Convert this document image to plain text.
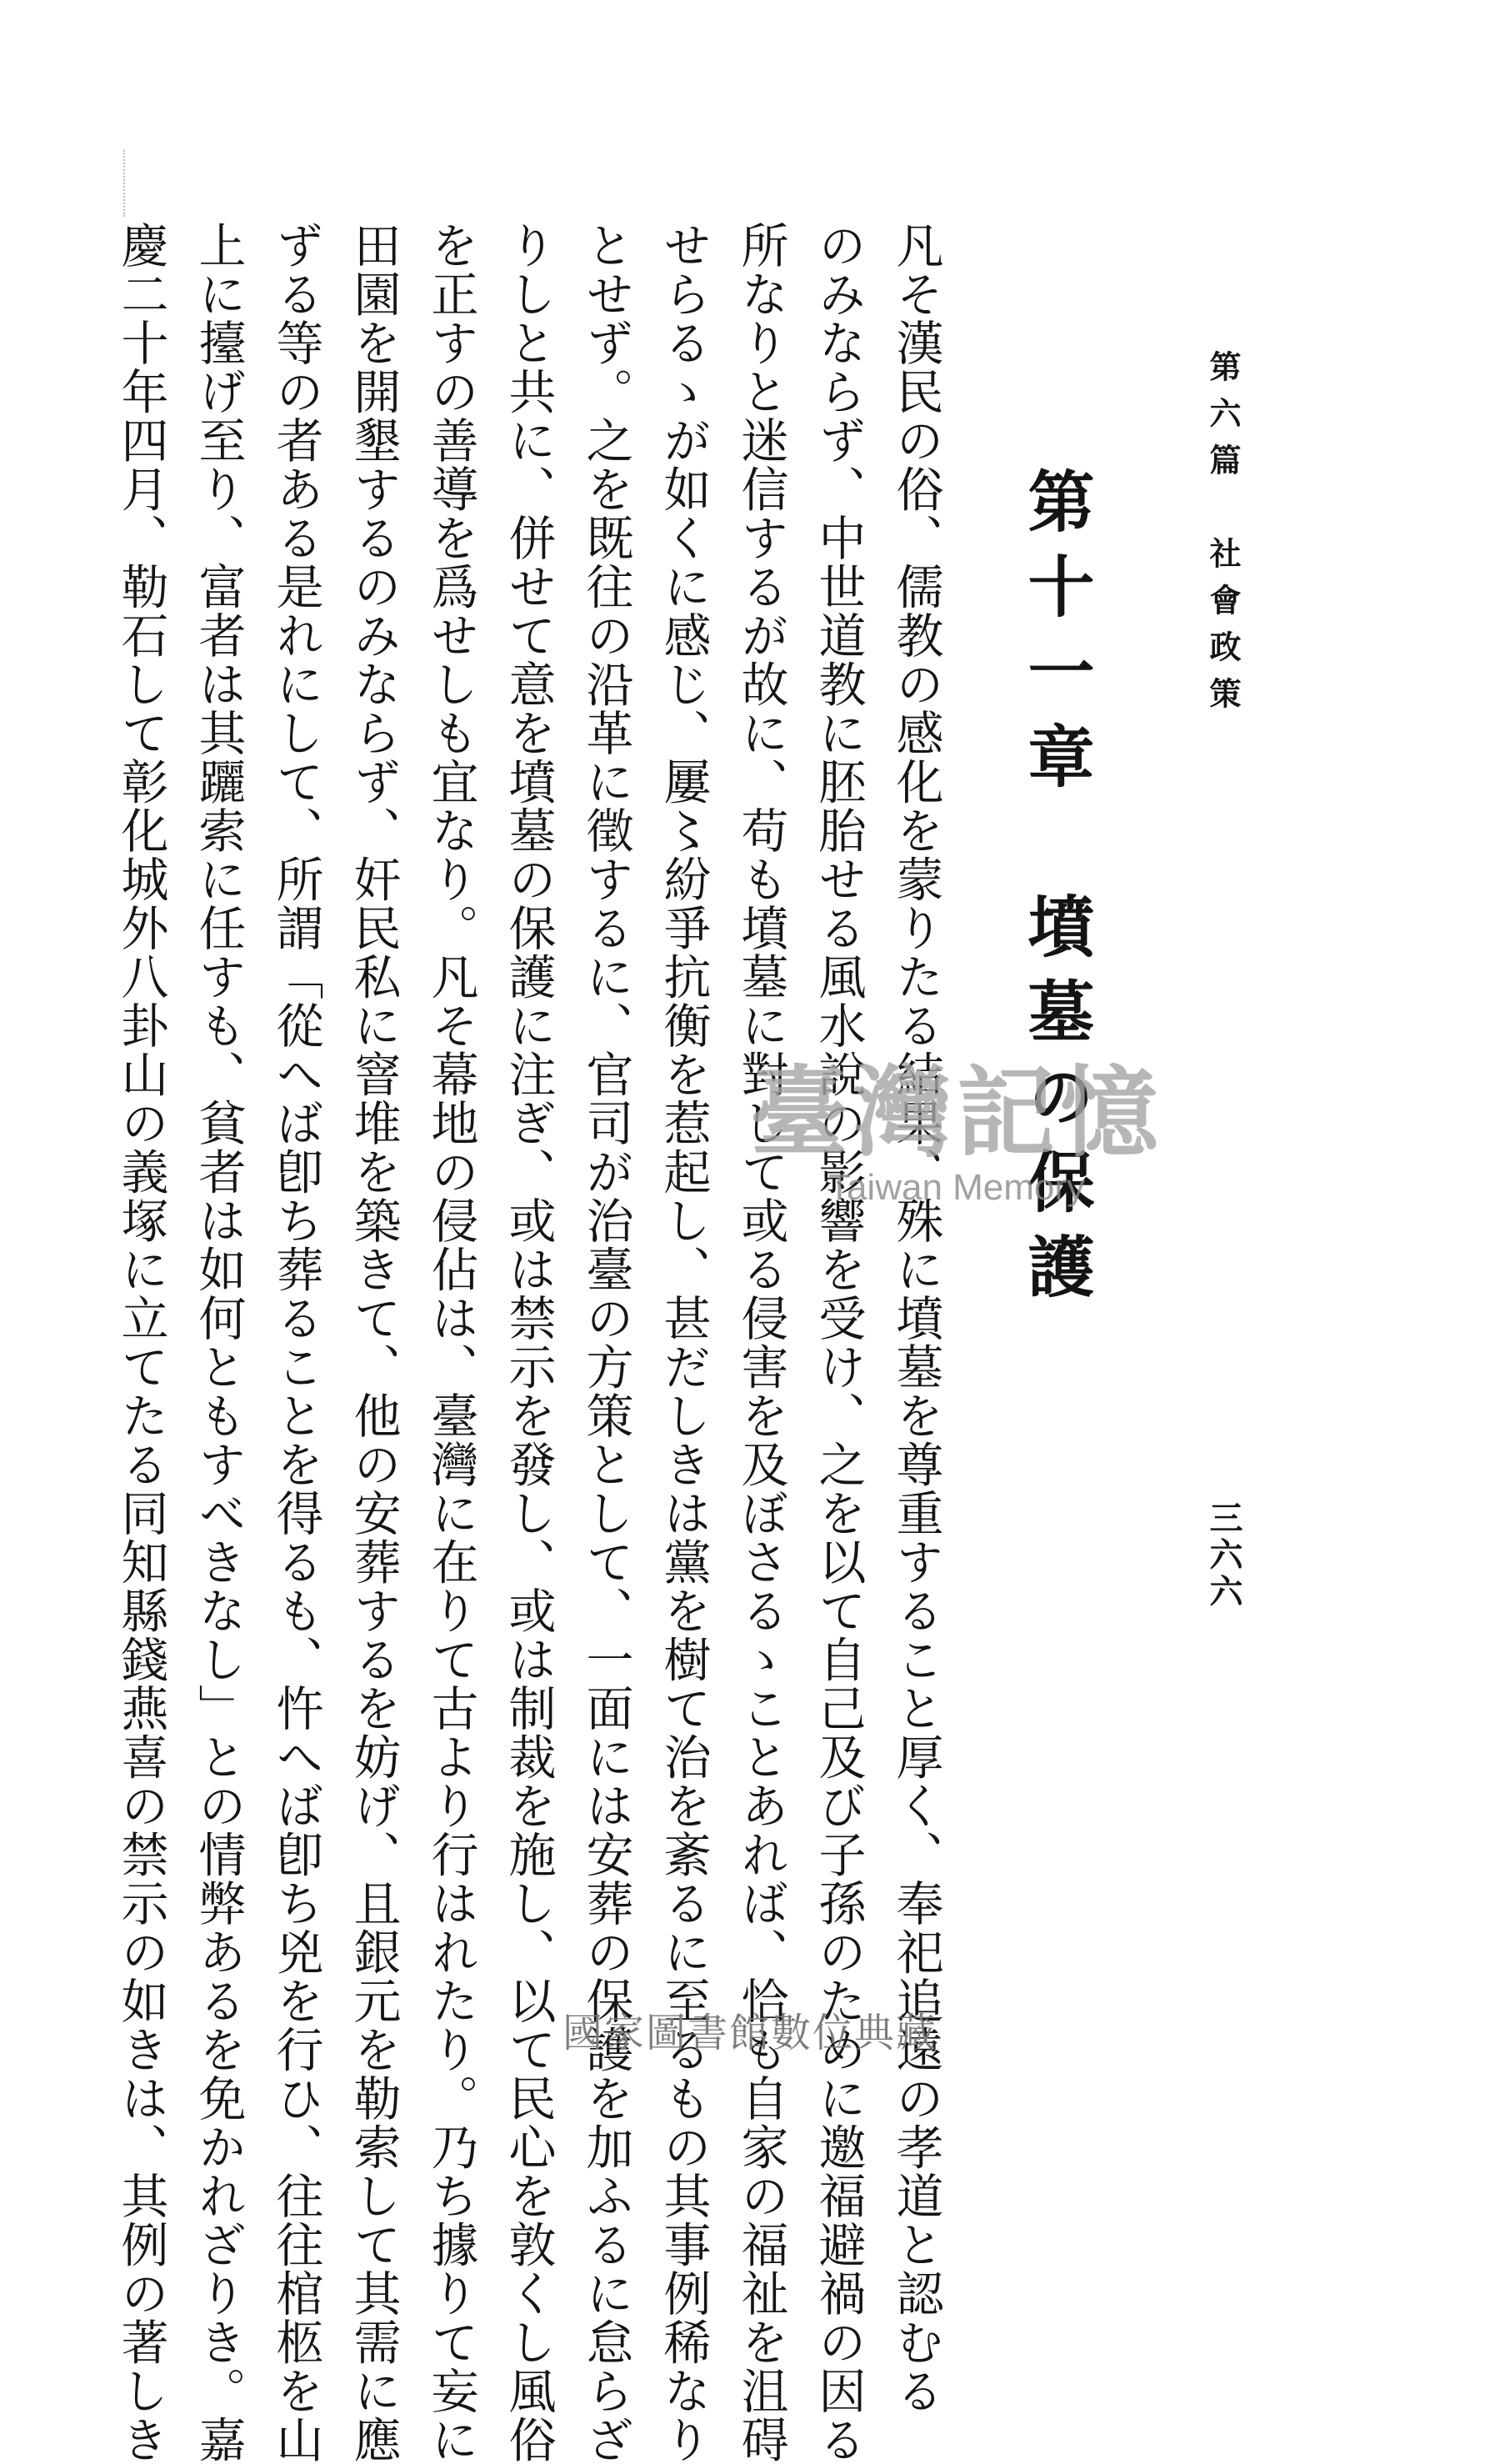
第六篇　社會政策
三六六
第十一章　墳墓の保護
凡そ漢民の俗、儒教の感化を蒙りたる結果、殊に墳墓を尊重すること厚く、奉祀追遠の孝道と認むる
のみならず、中世道教に胚胎せる風水說の影響を受け、之を以て自己及び子孫のために邀福避禍の因る
所なりと迷信するが故に、苟も墳墓に對して或る侵害を及ぼさるゝことあれば、恰も自家の福祉を沮碍
せらるゝが如くに感じ、屢〻紛爭抗衡を惹起し、甚だしきは黨を樹て治を紊るに至るもの其事例稀なり
とせず。之を既往の沿革に徵するに、官司が治臺の方策として、一面には安葬の保護を加ふるに怠らざ
りしと共に、併せて意を墳墓の保護に注ぎ、或は禁示を發し、或は制裁を施し、以て民心を敦くし風俗
を正すの善導を爲せしも宜なり。凡そ幕地の侵佔は、臺灣に在りて古より行はれたり。乃ち據りて妄に
田園を開墾するのみならず、奸民私に窨堆を築きて、他の安葬するを妨げ、且銀元を勒索して其需に應
ずる等の者ある是れにして、所謂「從へば卽ち葬ることを得るも、忤へば卽ち兇を行ひ、往往棺柩を山
上に擡げ至り、富者は其躧索に任すも、貧者は如何ともすべきなし」との情弊あるを免かれざりき。嘉
慶二十年四月、勒石して彰化城外八卦山の義塚に立てたる同知縣錢燕喜の禁示の如きは、其例の著しき	臺灣記憶
Taiwan Memory
國家圖書館數位典藏
